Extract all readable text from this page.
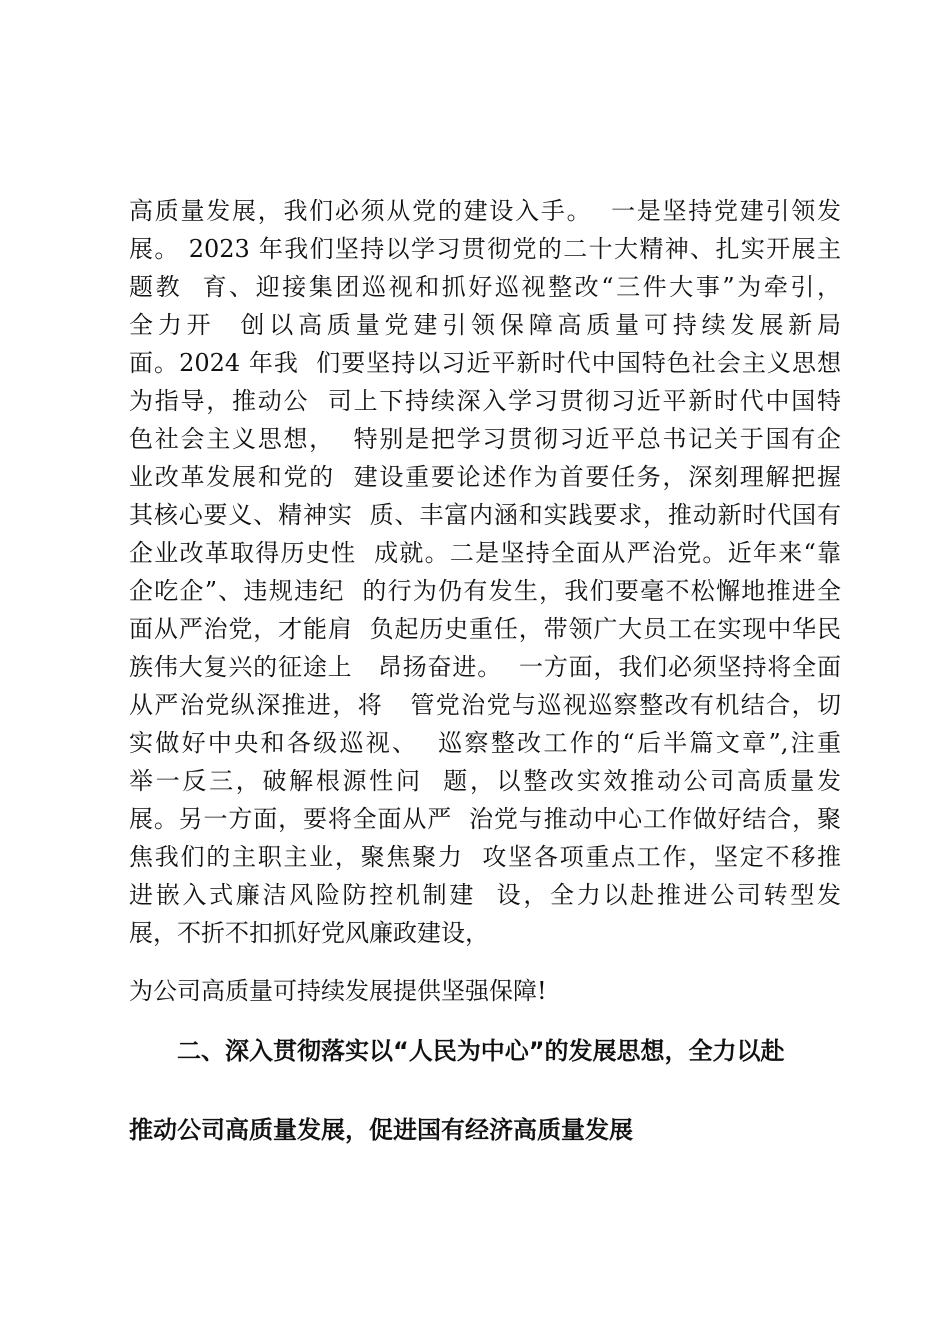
高质量发展，我们必须从党的建设入手。  一是坚持党建引领发
展。 2023 年我们坚持以学习贯彻党的二十大精神、扎实开展主
题教  育、迎接集团巡视和抓好巡视整改“三件大事”为牵引，
全力开  创以高质量党建引领保障高质量可持续发展新局
面。2024 年我  们要坚持以习近平新时代中国特色社会主义思想
为指导，推动公  司上下持续深入学习贯彻习近平新时代中国特
色社会主义思想，  特别是把学习贯彻习近平总书记关于国有企
业改革发展和党的  建设重要论述作为首要任务，深刻理解把握
其核心要义、精神实  质、丰富内涵和实践要求，推动新时代国有
企业改革取得历史性  成就。二是坚持全面从严治党。近年来“靠
企吃企”、违规违纪  的行为仍有发生，我们要毫不松懈地推进全
面从严治党，才能肩  负起历史重任，带领广大员工在实现中华民
族伟大复兴的征途上   昂扬奋进。  一方面，我们必须坚持将全面
从严治党纵深推进，将   管党治党与巡视巡察整改有机结合，切
实做好中央和各级巡视、  巡察整改工作的“后半篇文章”,注重
举一反三，破解根源性问  题，以整改实效推动公司高质量发
展。另一方面，要将全面从严  治党与推动中心工作做好结合，聚
焦我们的主职主业，聚焦聚力  攻坚各项重点工作，坚定不移推
进嵌入式廉洁风险防控机制建  设，全力以赴推进公司转型发
展，不折不扣抓好党风廉政建设，
为公司高质量可持续发展提供坚强保障!
二、深入贯彻落实以“人民为中心”的发展思想，全力以赴
推动公司高质量发展，促进国有经济高质量发展
